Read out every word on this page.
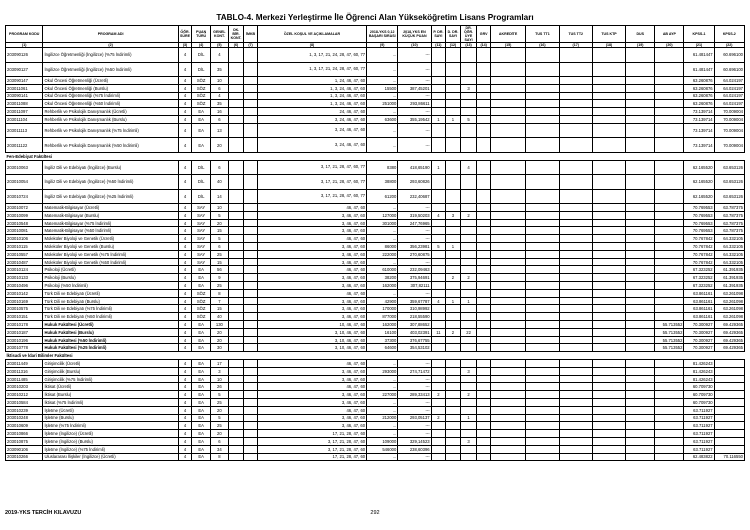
TABLO-4. Merkezi Yerleştirme İle Öğrenci Alan Yükseköğretim Lisans Programları
PROGRAM KODU	PROGRAM ADI	ÖĞR. SÜRE	PUAN TÜRÜ	GENEL KONT.	OK. BİR. KONT.	İMKB	ÖZEL KOŞUL VE AÇIKLAMALAR	2018-YKS 0,12 BAŞARI SIRASI	2018-YKS EN KÜÇÜK PUAN	P. DR. SAYI	D. DR. SAYI	DR. ÖĞR. ÜYE SAYI	GRV	AKREDİTE	TUS TT1	TUS TT2	TUS KTP	DUS	AB AYP	KPSS-1	KPSS-2
(1)	(2)	(3)	(4)	(5)	(6)	(7)	(8)	(9)	(10)	(11)	(12)	(13)	(14)	(15)	(16)	(17)	(18)	(19)	(20)	(21)	(22)
203090126	İngilizce Öğretmenliği (İngilizce) (%75 İndirimli)	4	DİL	4			1, 3, 17, 21, 24, 28, 47, 60, 77	...	---											61.481447	60.696100
203090127	İngilizce Öğretmenliği (İngilizce) (%50 İndirimli)	4	DİL	35			1, 3, 17, 21, 24, 28, 47, 60, 77	...	---											61.481447	60.696100
203090147	Okul Öncesi Öğretmenliği (Ücretli)	4	SÖZ	10			1, 24, 46, 47, 60	...	---											63.260876	64.024197
203011061	Okul Öncesi Öğretmenliği (Burslu)	4	SÖZ	6			1, 3, 24, 46, 47, 60	15500	387,45201			3								63.260876	64.024197
203090141	Okul Öncesi Öğretmenliği (%75 İndirimli)	4	SÖZ	4			1, 3, 24, 46, 47, 60	...	---											63.260876	64.024197
203011088	Okul Öncesi Öğretmenliği (%50 İndirimli)	4	SÖZ	35			1, 3, 24, 46, 47, 60	251000	293,86611											63.260876	64.024197
203011097	Rehberlik ve Psikolojik Danışmanlık (Ücretli)	4	EA	16			24, 46, 47, 60	...	---											73.139714	70.009004
203011104	Rehberlik ve Psikolojik Danışmanlık (Burslu)	4	EA	6			3, 24, 46, 47, 60	63600	355,19542	1	1	5								73.139714	70.009004
203011113	Rehberlik ve Psikolojik Danışmanlık (%75 İndirimli)	4	EA	13			3, 24, 46, 47, 60	...	---											73.139714	70.009004
203011122	Rehberlik ve Psikolojik Danışmanlık (%50 İndirimli)	4	EA	20			3, 24, 46, 47, 60	...	---											73.139714	70.009004
Fen-Edebiyat Fakültesi																					
203010063	İngiliz Dili ve Edebiyatı (İngilizce) (Burslu)	4	DİL	6			3, 17, 21, 28, 47, 60, 77	8380	418,65190	1		4								62.165520	63.653126
203010054	İngiliz Dili ve Edebiyatı (İngilizce) (%50 İndirimli)	4	DİL	40			3, 17, 21, 28, 47, 60, 77	38800	293,60826											62.165520	63.653126
203010724	İngiliz Dili ve Edebiyatı (İngilizce) (%25 İndirimli)	4	DİL	14			3, 17, 21, 28, 47, 60, 77	61200	232,40687											62.165520	63.653126
203010072	Matematik-Bilgisayar (Ücretli)	4	SAY	10			46, 47, 60	...	---											70.769553	63.787375
203010099	Matematik-Bilgisayar (Burslu)	4	SAY	5			3, 46, 47, 60	127000	319,50203	4	3	2								70.769553	63.787375
203010548	Matematik-Bilgisayar (%75 İndirimli)	4	SAY	20			3, 46, 47, 60	301000	247,76965											70.769553	63.787375
203010081	Matematik-Bilgisayar (%50 İndirimli)	4	SAY	15			3, 46, 47, 60	...	---											70.769553	63.787375
203010106	Moleküler Biyoloji ve Genetik (Ücretli)	4	SAY	5			46, 47, 60	...	---											70.767842	64.332105
203010115	Moleküler Biyoloji ve Genetik (Burslu)	4	SAY	6			3, 46, 47, 60	86000	356,23981	5	1									70.767842	64.332105
203010557	Moleküler Biyoloji ve Genetik (%75 İndirimli)	4	SAY	25			3, 46, 47, 60	222000	270,60875											70.767842	64.332105
203010487	Moleküler Biyoloji ve Genetik (%50 İndirimli)	4	SAY	15			3, 46, 47, 60	...	---											70.767842	64.332105
203010124	Psikoloji (Ücretli)	4	EA	56			46, 47, 60	610000	232,09463											67.323252	61.391935
203010133	Psikoloji (Burslu)	4	EA	9			3, 46, 47, 60	38200	375,94691		2	2								67.323252	61.391935
203010496	Psikoloji (%50 İndirimli)	4	EA	25			3, 46, 47, 60	162000	307,82111											67.323252	61.391935
203010142	Türk Dili ve Edebiyatı (Ücretli)	4	SÖZ	8			46, 47, 60	...	---											63.861161	63.261098
203010169	Türk Dili ve Edebiyatı (Burslu)	4	SÖZ	7			3, 46, 47, 60	42900	359,67787	4	1	1								63.861161	63.261098
203010575	Türk Dili ve Edebiyatı (%75 İndirimli)	4	SÖZ	15			3, 46, 47, 60	170000	310,98992											63.861161	63.261098
203010151	Türk Dili ve Edebiyatı (%50 İndirimli)	4	SÖZ	40			3, 46, 47, 60	877000	218,55590											63.861161	63.261098
203010178	Hukuk Fakültesi (Ücretli)	4	EA	130			10, 46, 47, 60	162000	307,88652										55.713552	70.300927	69.429365
203010187	Hukuk Fakültesi (Burslu)	4	EA	20			3, 10, 46, 47, 60	16100	403,02391	11	2	22							55.713552	70.300927	69.429365
203010196	Hukuk Fakültesi (%50 İndirimli)	4	EA	20			3, 10, 46, 47, 60	37300	376,67755										55.713552	70.300927	69.429365
203010778	Hukuk Fakültesi (%25 İndirimli)	4	EA	30			3, 10, 46, 47, 60	64600	354,53102										55.713552	70.300927	69.429365
İktisadi ve İdari Bilimler Fakültesi																					
203011449	Girişimcilik (Ücretli)	4	EA	17			46, 47, 60	...	---											81.426243	
203011316	Girişimcilik (Burslu)	4	EA	3			3, 46, 47, 60	293000	274,71472			3								81.426243	
203011485	Girişimcilik (%75 İndirimli)	4	EA	10			3, 46, 47, 60	...	---											81.426243	
203010203	İktisat (Ücretli)	4	EA	26			46, 47, 60	...	---											60.709730	
203010212	İktisat (Burslu)	4	EA	5			3, 46, 47, 60	227000	289,33413	2		2								60.709730	
203010584	İktisat (%75 İndirimli)	4	EA	25			3, 46, 47, 60	...	---											60.709730	
203010239	İşletme (Ücretli)	4	EA	20			46, 47, 60	...	---											63.711927	
203010248	İşletme (Burslu)	4	EA	5			3, 46, 47, 60	212000	293,05137	2		1								63.711927	
203010609	İşletme (%75 İndirimli)	4	EA	25			3, 46, 47, 60	...	---											63.711927	
203010866	İşletme (İngilizce) (Ücretli)	4	EA	20			17, 21, 28, 47, 60	...	---											63.711927	
203010875	İşletme (İngilizce) (Burslu)	4	EA	6			3, 17, 21, 28, 47, 60	109000	329,14523			3								63.711927	
203090106	İşletme (İngilizce) (%75 İndirimli)	4	EA	34			3, 17, 21, 28, 47, 60	546000	238,60396											63.711927	
203010266	Uluslararası İlişkiler (İngilizce) (Ücretli)	4	EA	8			17, 21, 28, 47, 60	...	---											62.483822	70.116550
2019-YKS TERCİH KILAVUZU	292
